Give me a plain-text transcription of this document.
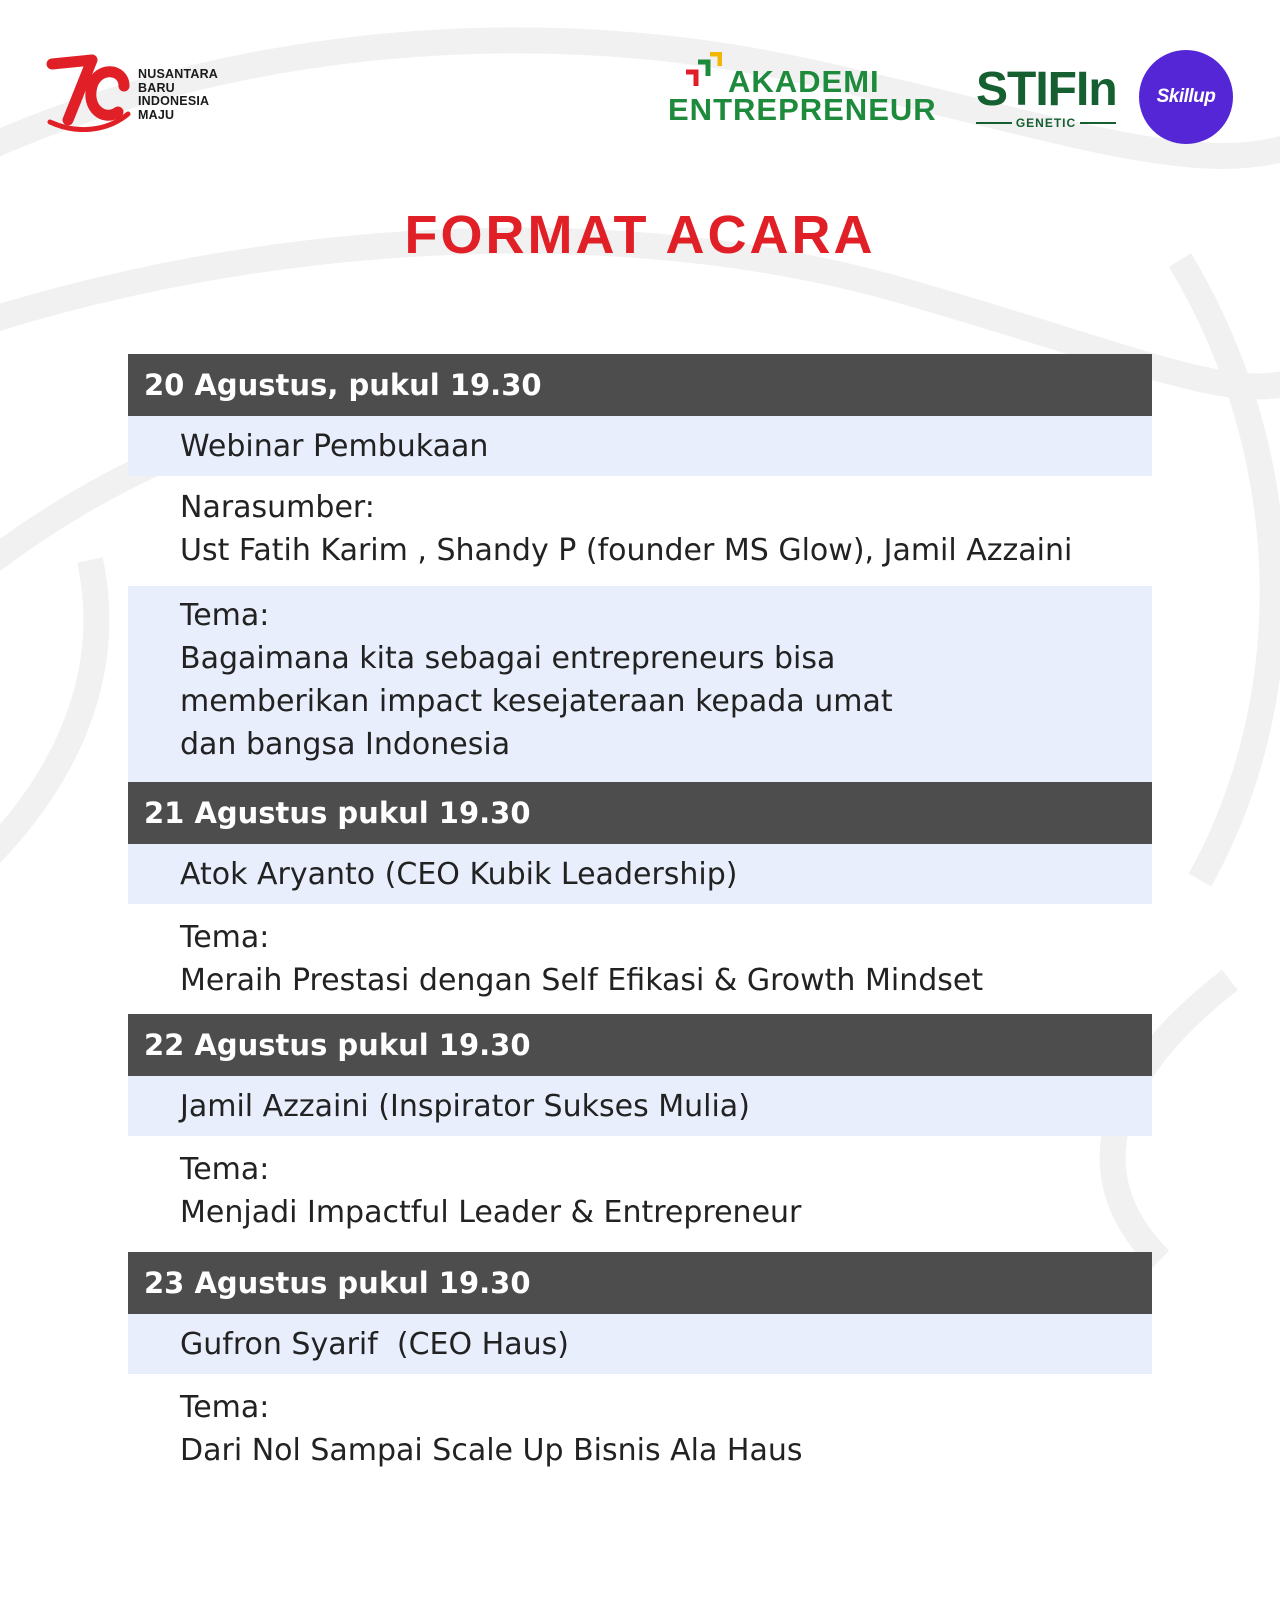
NUSANTARA
BARU
INDONESIA
MAJU
AKADEMI
ENTREPRENEUR STIFIn
GENETIC
Skillup
FORMAT ACARA
20 Agustus, pukul 19.30
Webinar Pembukaan
Narasumber:
Ust Fatih Karim , Shandy P (founder MS Glow), Jamil Azzaini
Tema:
Bagaimana kita sebagai entrepreneurs bisa
memberikan impact kesejateraan kepada umat
dan bangsa Indonesia
21 Agustus pukul 19.30
Atok Aryanto (CEO Kubik Leadership)
Tema:
Meraih Prestasi dengan Self Efikasi & Growth Mindset
22 Agustus pukul 19.30
Jamil Azzaini (Inspirator Sukses Mulia)
Tema:
Menjadi Impactful Leader & Entrepreneur
23 Agustus pukul 19.30
Gufron Syarif  (CEO Haus)
Tema:
Dari Nol Sampai Scale Up Bisnis Ala Haus
